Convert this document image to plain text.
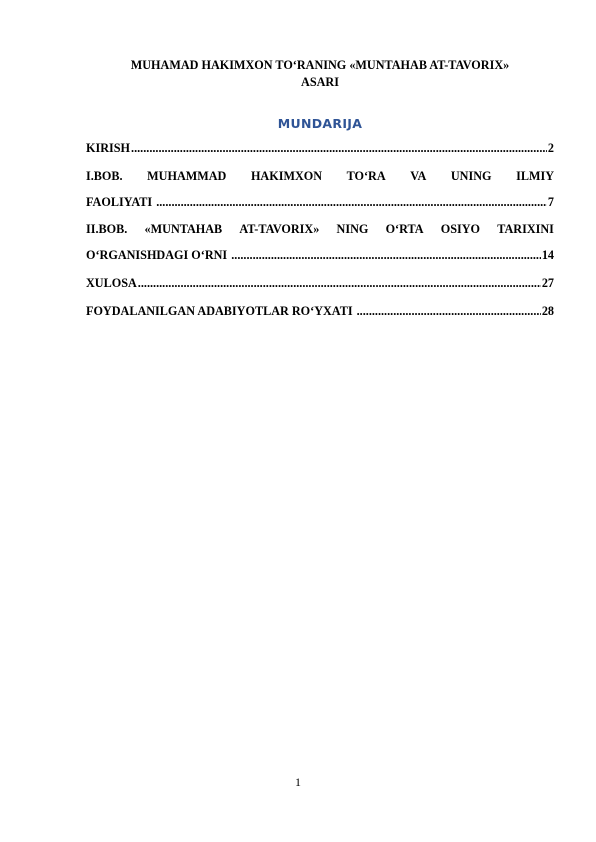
MUHAMAD HAKIMXON TO‘RANING «MUNTAHAB AT-TAVORIX»
ASARI
MUNDARIJA
KIRISH .....	2
I.BOB. MUHAMMAD HAKIMXON TO‘RA VA UNING ILMIY
FAOLIYATI .....	7
II.BOB. «MUNTAHAB AT-TAVORIX» NING O‘RTA OSIYO TARIXINI
O‘RGANISHDAGI O‘RNI .....	14
XULOSA .....	27
FOYDALANILGAN ADABIYOTLAR RO‘YXATI .....	28
1
